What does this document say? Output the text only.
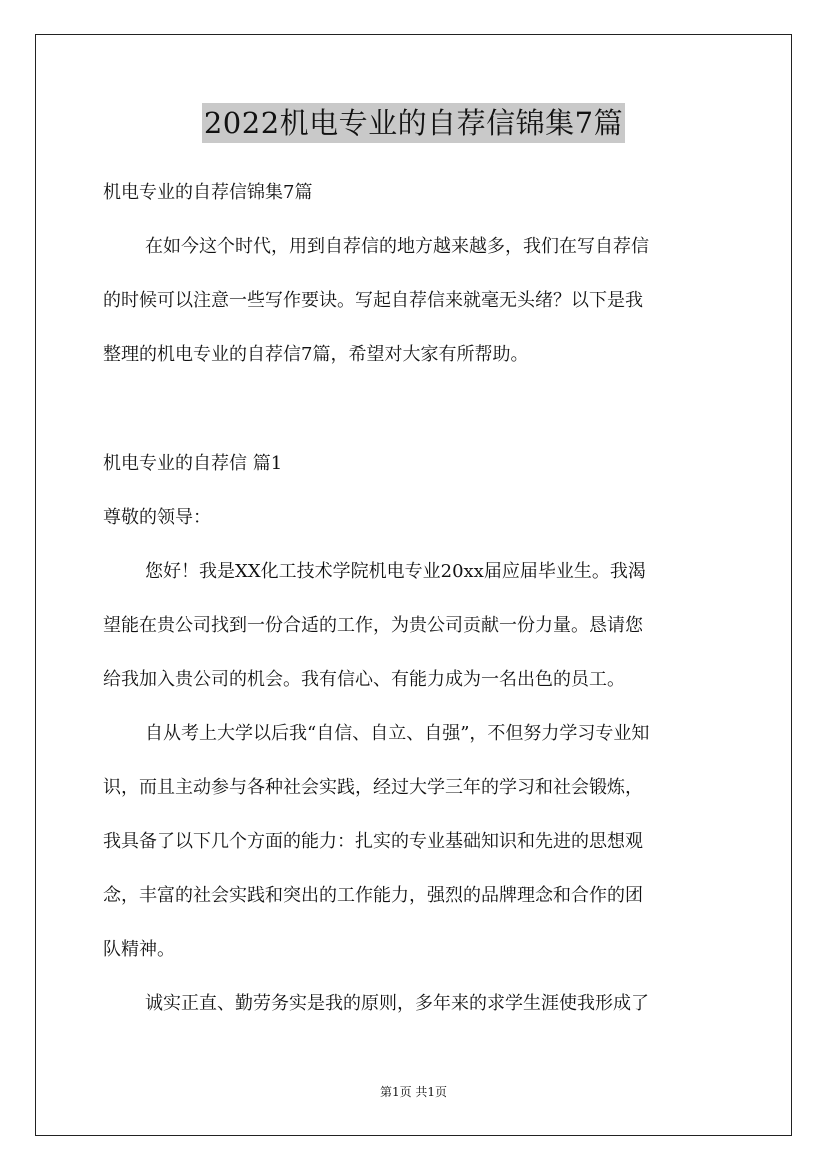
2022机电专业的自荐信锦集7篇

机电专业的自荐信锦集7篇

在如今这个时代，用到自荐信的地方越来越多，我们在写自荐信
的时候可以注意一些写作要诀。写起自荐信来就毫无头绪？以下是我
整理的机电专业的自荐信7篇，希望对大家有所帮助。

机电专业的自荐信 篇1

尊敬的领导：

您好！我是XX化工技术学院机电专业20xx届应届毕业生。我渴
望能在贵公司找到一份合适的工作，为贵公司贡献一份力量。恳请您
给我加入贵公司的机会。我有信心、有能力成为一名出色的员工。
自从考上大学以后我“自信、自立、自强”，不但努力学习专业知
识，而且主动参与各种社会实践，经过大学三年的学习和社会锻炼，
我具备了以下几个方面的能力：扎实的专业基础知识和先进的思想观
念，丰富的社会实践和突出的工作能力，强烈的品牌理念和合作的团
队精神。
诚实正直、勤劳务实是我的原则，多年来的求学生涯使我形成了
第1页 共1页
